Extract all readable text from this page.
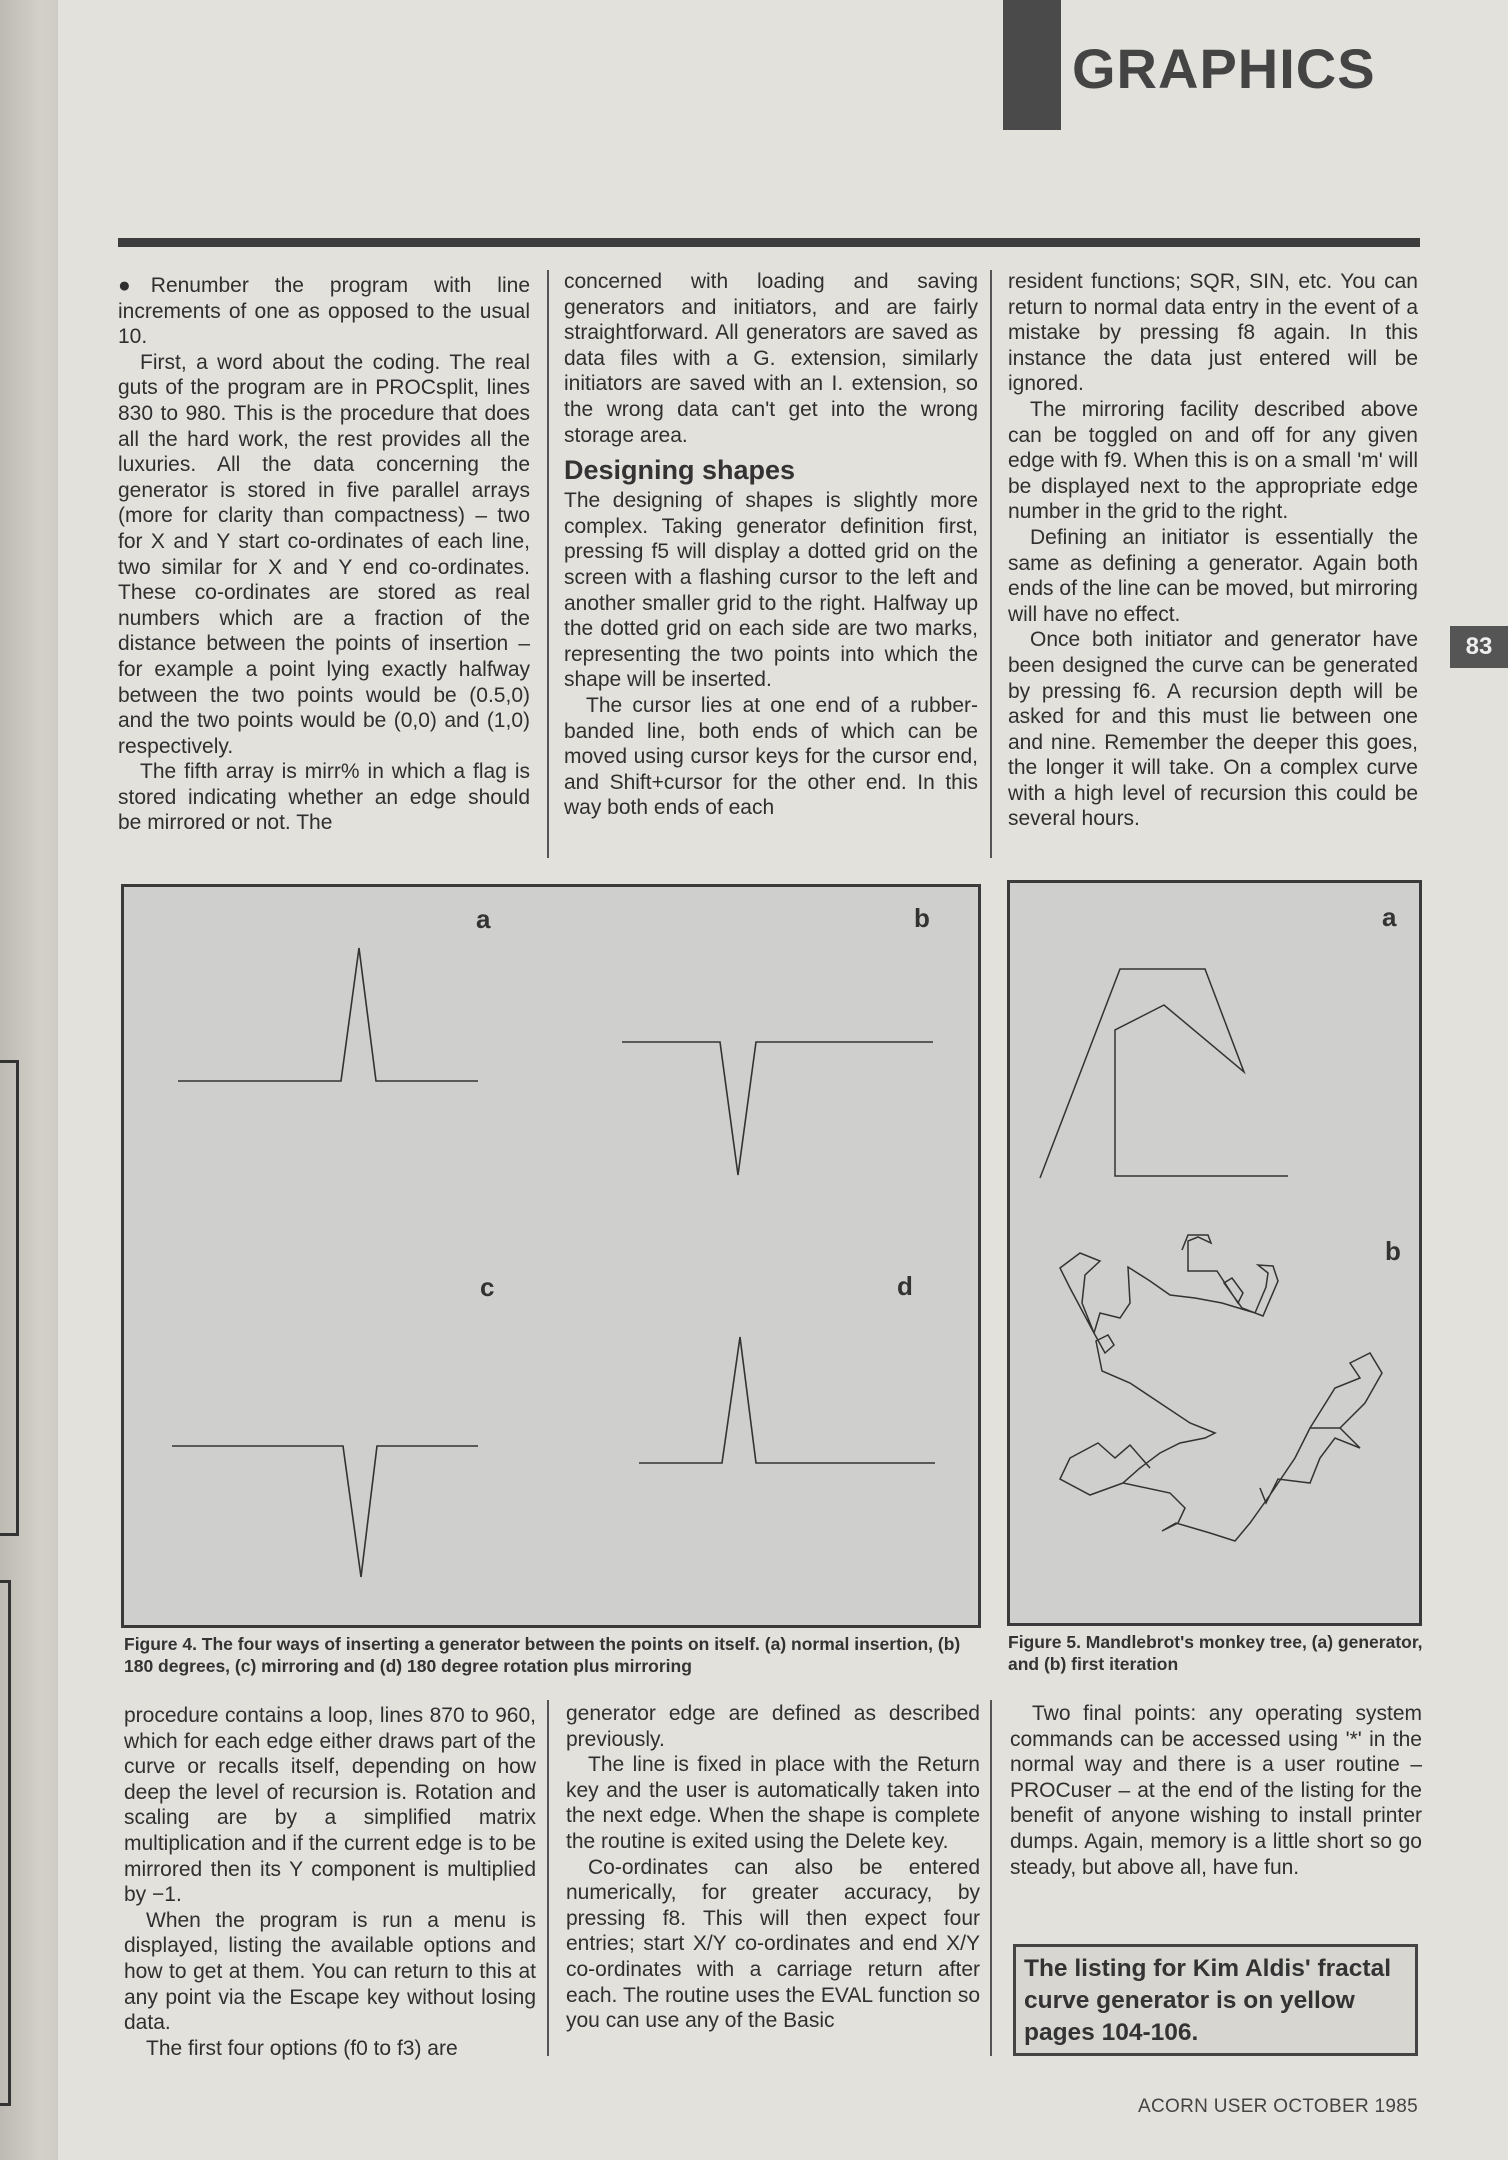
GRAPHICS
83

●Renumber the program with line increments of one as opposed to the usual 10.

First, a word about the coding. The real guts of the program are in PROCsplit, lines 830 to 980. This is the procedure that does all the hard work, the rest provides all the luxuries. All the data concerning the generator is stored in five parallel arrays (more for clarity than compactness) – two for X and Y start co-ordinates of each line, two similar for X and Y end co-ordinates. These co-ordinates are stored as real numbers which are a fraction of the distance between the points of insertion – for example a point lying exactly halfway between the two points would be (0.5,0) and the two points would be (0,0) and (1,0) respectively.

The fifth array is mirr% in which a flag is stored indicating whether an edge should be mirrored or not. The

concerned with loading and saving generators and initiators, and are fairly straightforward. All generators are saved as data files with a G. extension, similarly initiators are saved with an I. extension, so the wrong data can't get into the wrong storage area.

Designing shapes

The designing of shapes is slightly more complex. Taking generator definition first, pressing f5 will display a dotted grid on the screen with a flashing cursor to the left and another smaller grid to the right. Halfway up the dotted grid on each side are two marks, representing the two points into which the shape will be inserted.

The cursor lies at one end of a rubber-banded line, both ends of which can be moved using cursor keys for the cursor end, and Shift+cursor for the other end. In this way both ends of each

resident functions; SQR, SIN, etc. You can return to normal data entry in the event of a mistake by pressing f8 again. In this instance the data just entered will be ignored.

The mirroring facility described above can be toggled on and off for any given edge with f9. When this is on a small 'm' will be displayed next to the appropriate edge number in the grid to the right.

Defining an initiator is essentially the same as defining a generator. Again both ends of the line can be moved, but mirroring will have no effect.

Once both initiator and generator have been designed the curve can be generated by pressing f6. A recursion depth will be asked for and this must lie between one and nine. Remember the deeper this goes, the longer it will take. On a complex curve with a high level of recursion this could be several hours.

a	b
c	d
Figure 4. The four ways of inserting a generator between the points on itself. (a) normal insertion, (b) 180 degrees, (c) mirroring and (d) 180 degree rotation plus mirroring
a
b
Figure 5. Mandlebrot's monkey tree, (a) generator, and (b) first iteration

procedure contains a loop, lines 870 to 960, which for each edge either draws part of the curve or recalls itself, depending on how deep the level of recursion is. Rotation and scaling are by a simplified matrix multiplication and if the current edge is to be mirrored then its Y component is multiplied by −1.

When the program is run a menu is displayed, listing the available options and how to get at them. You can return to this at any point via the Escape key without losing data.

The first four options (f0 to f3) are

generator edge are defined as described previously.

The line is fixed in place with the Return key and the user is automatically taken into the next edge. When the shape is complete the routine is exited using the Delete key.

Co-ordinates can also be entered numerically, for greater accuracy, by pressing f8. This will then expect four entries; start X/Y co-ordinates and end X/Y co-ordinates with a carriage return after each. The routine uses the EVAL function so you can use any of the Basic

Two final points: any operating system commands can be accessed using '*' in the normal way and there is a user routine – PROCuser – at the end of the listing for the benefit of anyone wishing to install printer dumps. Again, memory is a little short so go steady, but above all, have fun.

The listing for Kim Aldis' fractal curve generator is on yellow pages 104-106.
ACORN USER OCTOBER 1985
